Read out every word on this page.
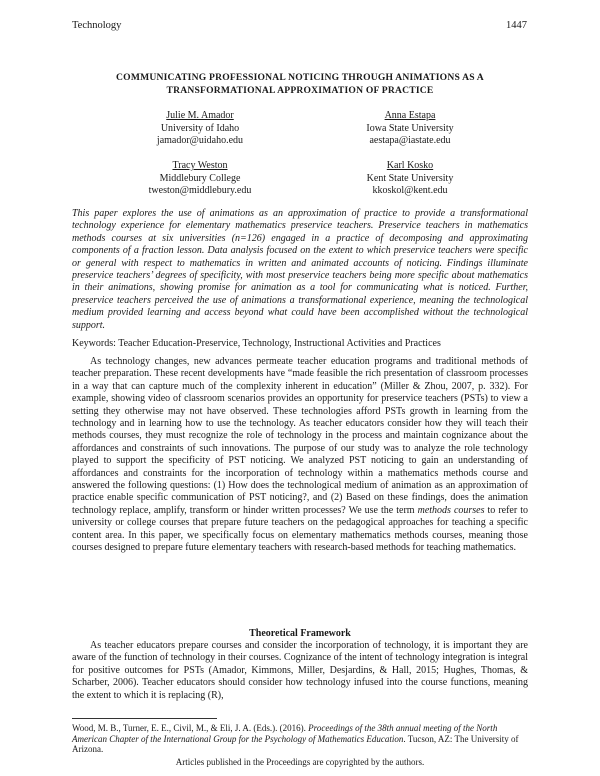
Technology	1447
COMMUNICATING PROFESSIONAL NOTICING THROUGH ANIMATIONS AS A TRANSFORMATIONAL APPROXIMATION OF PRACTICE
Julie M. Amador
University of Idaho
jamador@uidaho.edu
Anna Estapa
Iowa State University
aestapa@iastate.edu
Tracy Weston
Middlebury College
tweston@middlebury.edu
Karl Kosko
Kent State University
kkoskol@kent.edu

This paper explores the use of animations as an approximation of practice to provide a transformational technology experience for elementary mathematics preservice teachers. Preservice teachers in mathematics methods courses at six universities (n=126) engaged in a practice of decomposing and approximating components of a fraction lesson. Data analysis focused on the extent to which preservice teachers were specific or general with respect to mathematics in written and animated accounts of noticing. Findings illuminate preservice teachers’ degrees of specificity, with most preservice teachers being more specific about mathematics in their animations, showing promise for animation as a tool for communicating what is noticed. Further, preservice teachers perceived the use of animations a transformational experience, meaning the technological medium provided learning and access beyond what could have been accomplished without the technological support.

Keywords: Teacher Education-Preservice, Technology, Instructional Activities and Practices

As technology changes, new advances permeate teacher education programs and traditional methods of teacher preparation. These recent developments have “made feasible the rich presentation of classroom processes in a way that can capture much of the complexity inherent in education” (Miller & Zhou, 2007, p. 332). For example, showing video of classroom scenarios provides an opportunity for preservice teachers (PSTs) to view a setting they otherwise may not have observed. These technologies afford PSTs growth in learning from the technology and in learning how to use the technology. As teacher educators consider how they will teach their methods courses, they must recognize the role of technology in the process and maintain cognizance about the affordances and constraints of such innovations. The purpose of our study was to analyze the role technology played to support the specificity of PST noticing. We analyzed PST noticing to gain an understanding of affordances and constraints for the incorporation of technology within a mathematics methods course and answered the following questions: (1) How does the technological medium of animation as an approximation of practice enable specific communication of PST noticing?, and (2) Based on these findings, does the animation technology replace, amplify, transform or hinder written processes? We use the term methods courses to refer to university or college courses that prepare future teachers on the pedagogical approaches for teaching a specific content area. In this paper, we specifically focus on elementary mathematics methods courses, meaning those courses designed to prepare future elementary teachers with research-based methods for teaching mathematics.

Theoretical Framework

As teacher educators prepare courses and consider the incorporation of technology, it is important they are aware of the function of technology in their courses. Cognizance of the intent of technology integration is integral for positive outcomes for PSTs (Amador, Kimmons, Miller, Desjardins, & Hall, 2015; Hughes, Thomas, & Scharber, 2006). Teacher educators should consider how technology infused into the course functions, meaning the extent to which it is replacing (R),

Wood, M. B., Turner, E. E., Civil, M., & Eli, J. A. (Eds.). (2016). Proceedings of the 38th annual meeting of the North American Chapter of the International Group for the Psychology of Mathematics Education. Tucson, AZ: The University of Arizona.

Articles published in the Proceedings are copyrighted by the authors.
